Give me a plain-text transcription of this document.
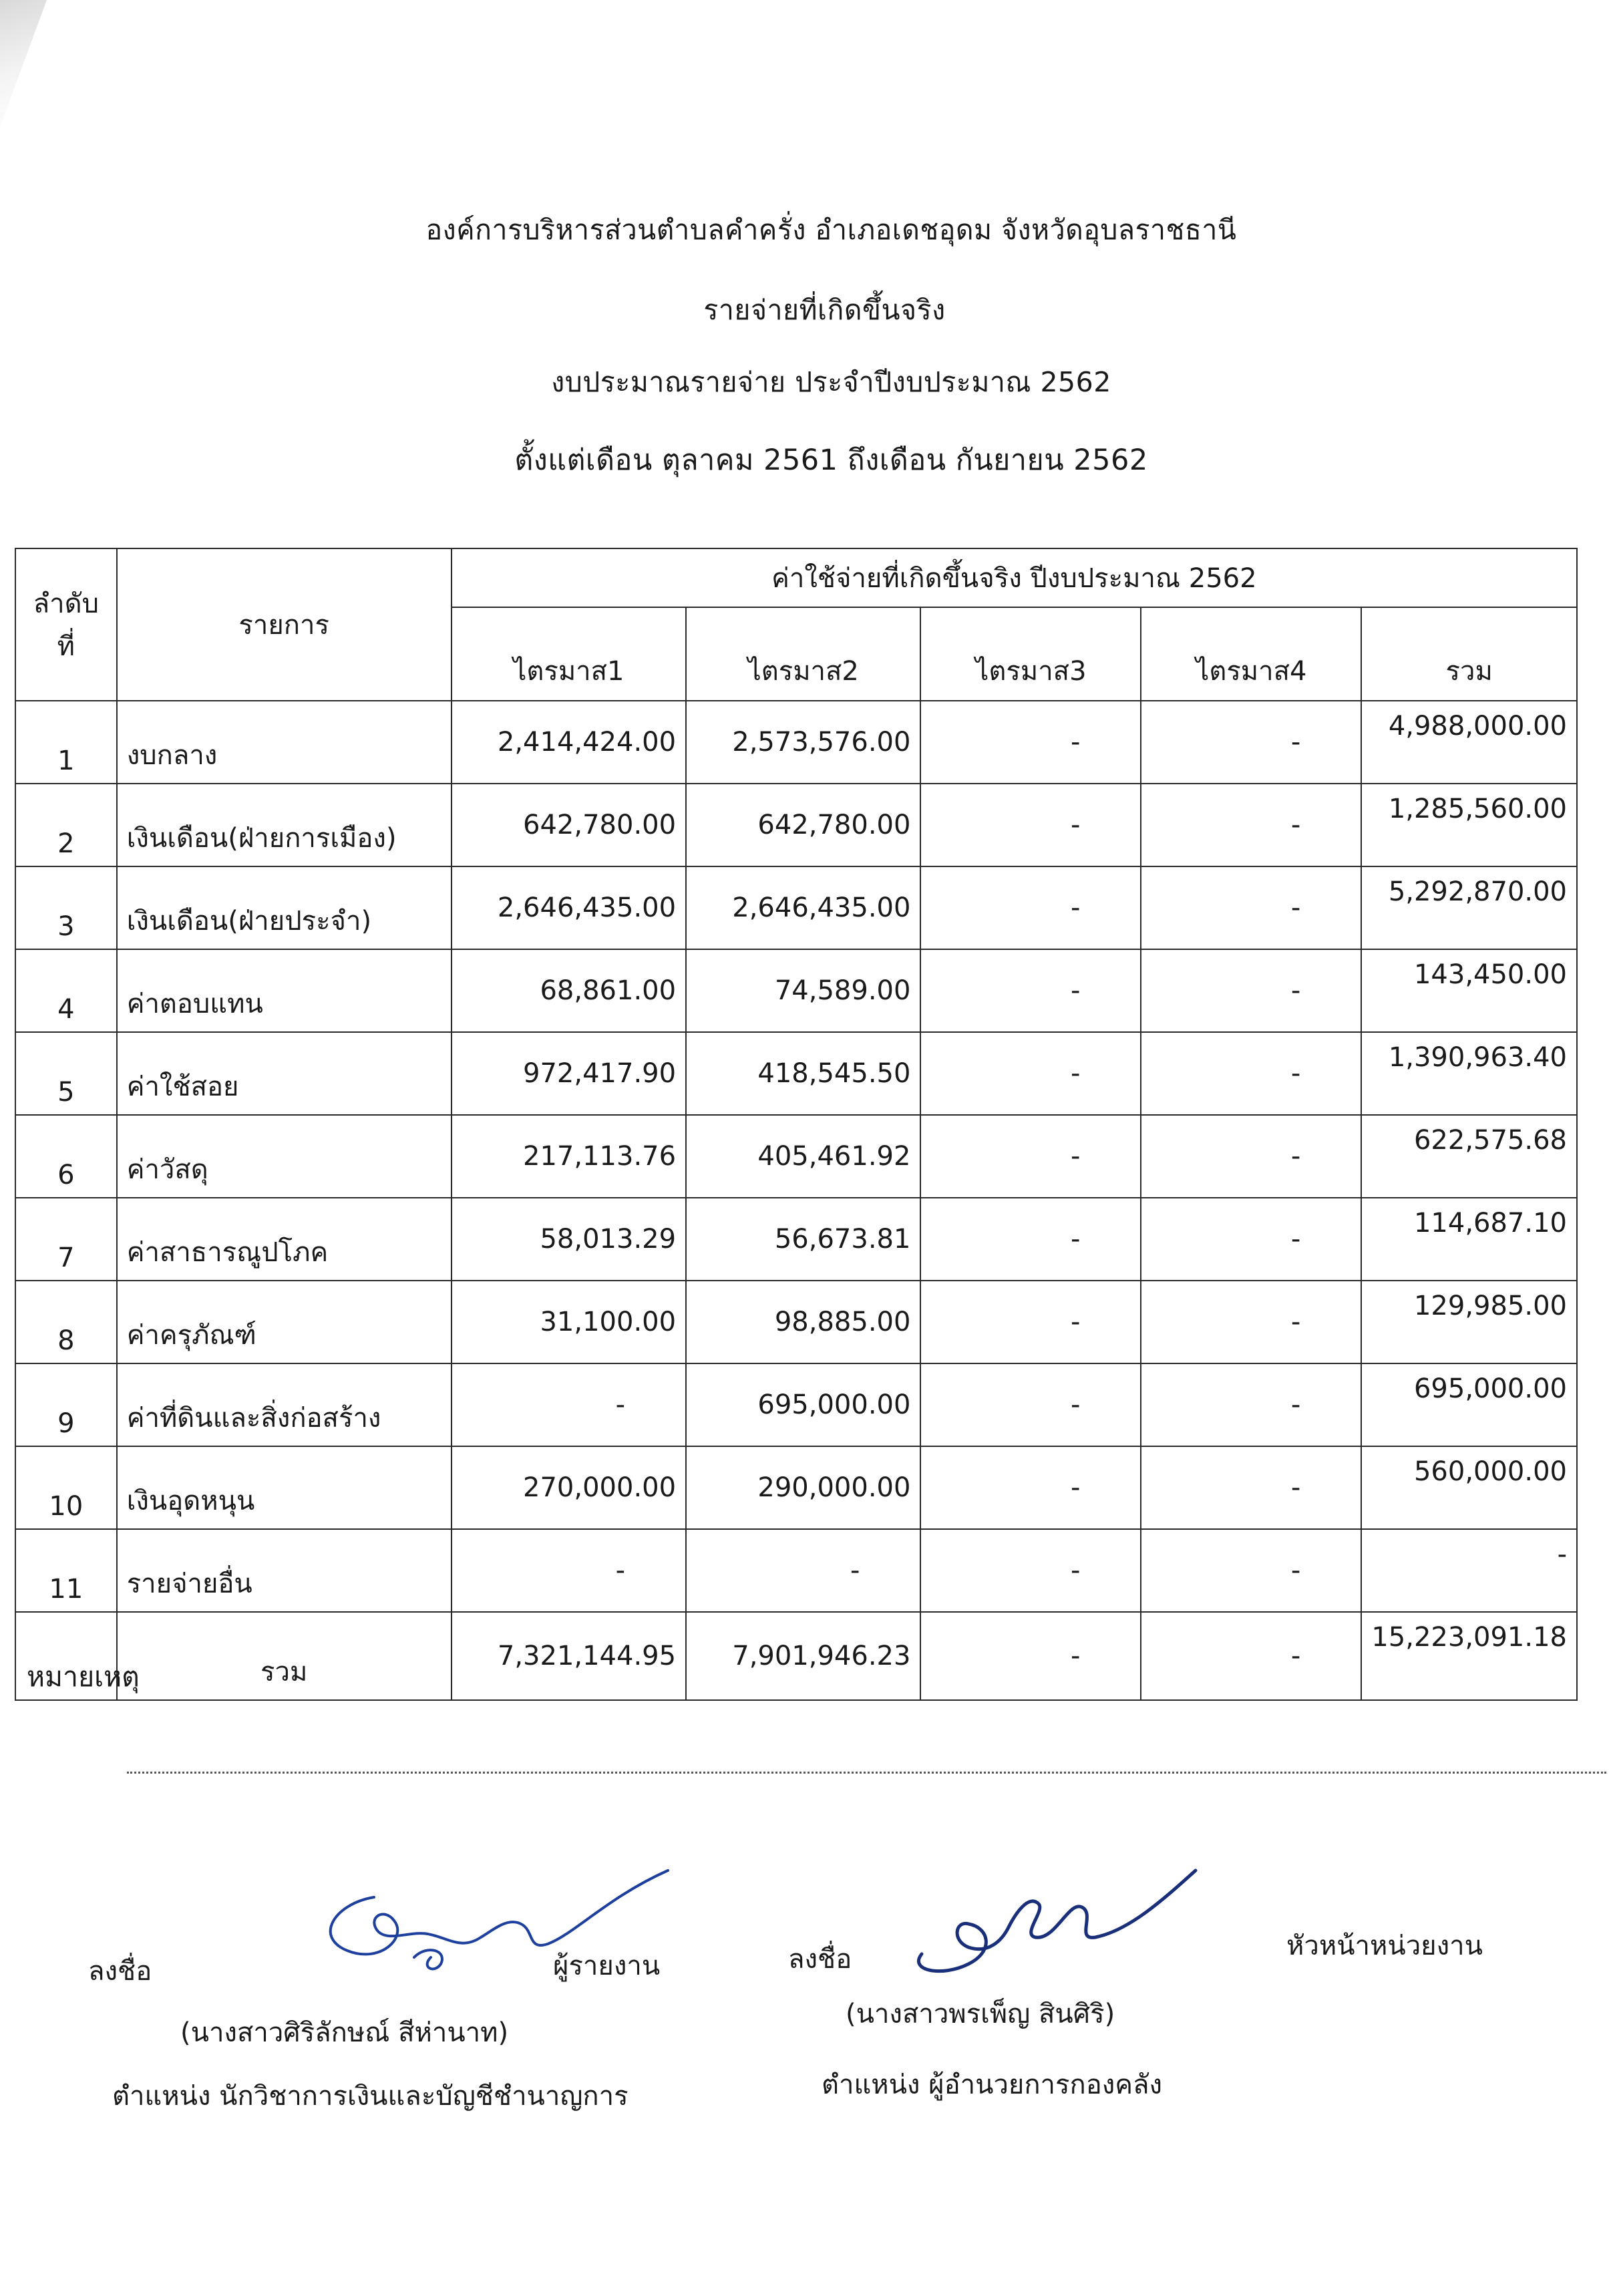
องค์การบริหารส่วนตำบลคำครั่ง อำเภอเดชอุดม จังหวัดอุบลราชธานี
รายจ่ายที่เกิดขึ้นจริง
งบประมาณรายจ่าย ประจำปีงบประมาณ 2562
ตั้งแต่เดือน ตุลาคม 2561 ถึงเดือน กันยายน 2562
ลำดับที่	รายการ	ค่าใช้จ่ายที่เกิดขึ้นจริง ปีงบประมาณ 2562				
		ไตรมาส1	ไตรมาส2	ไตรมาส3	ไตรมาส4	รวม
1	งบกลาง	2,414,424.00	2,573,576.00	-	-	4,988,000.00
2	เงินเดือน(ฝ่ายการเมือง)	642,780.00	642,780.00	-	-	1,285,560.00
3	เงินเดือน(ฝ่ายประจำ)	2,646,435.00	2,646,435.00	-	-	5,292,870.00
4	ค่าตอบแทน	68,861.00	74,589.00	-	-	143,450.00
5	ค่าใช้สอย	972,417.90	418,545.50	-	-	1,390,963.40
6	ค่าวัสดุ	217,113.76	405,461.92	-	-	622,575.68
7	ค่าสาธารณูปโภค	58,013.29	56,673.81	-	-	114,687.10
8	ค่าครุภัณฑ์	31,100.00	98,885.00	-	-	129,985.00
9	ค่าที่ดินและสิ่งก่อสร้าง	-	695,000.00	-	-	695,000.00
10	เงินอุดหนุน	270,000.00	290,000.00	-	-	560,000.00
11	รายจ่ายอื่น	-	-	-	-	-
	รวม	7,321,144.95	7,901,946.23	-	-	15,223,091.18
หมายเหตุ
ลงชื่อ	ผู้รายงาน
(นางสาวศิริลักษณ์ สีห่านาท)
ตำแหน่ง นักวิชาการเงินและบัญชีชำนาญการ
ลงชื่อ	หัวหน้าหน่วยงาน
(นางสาวพรเพ็ญ สินศิริ)
ตำแหน่ง ผู้อำนวยการกองคลัง
